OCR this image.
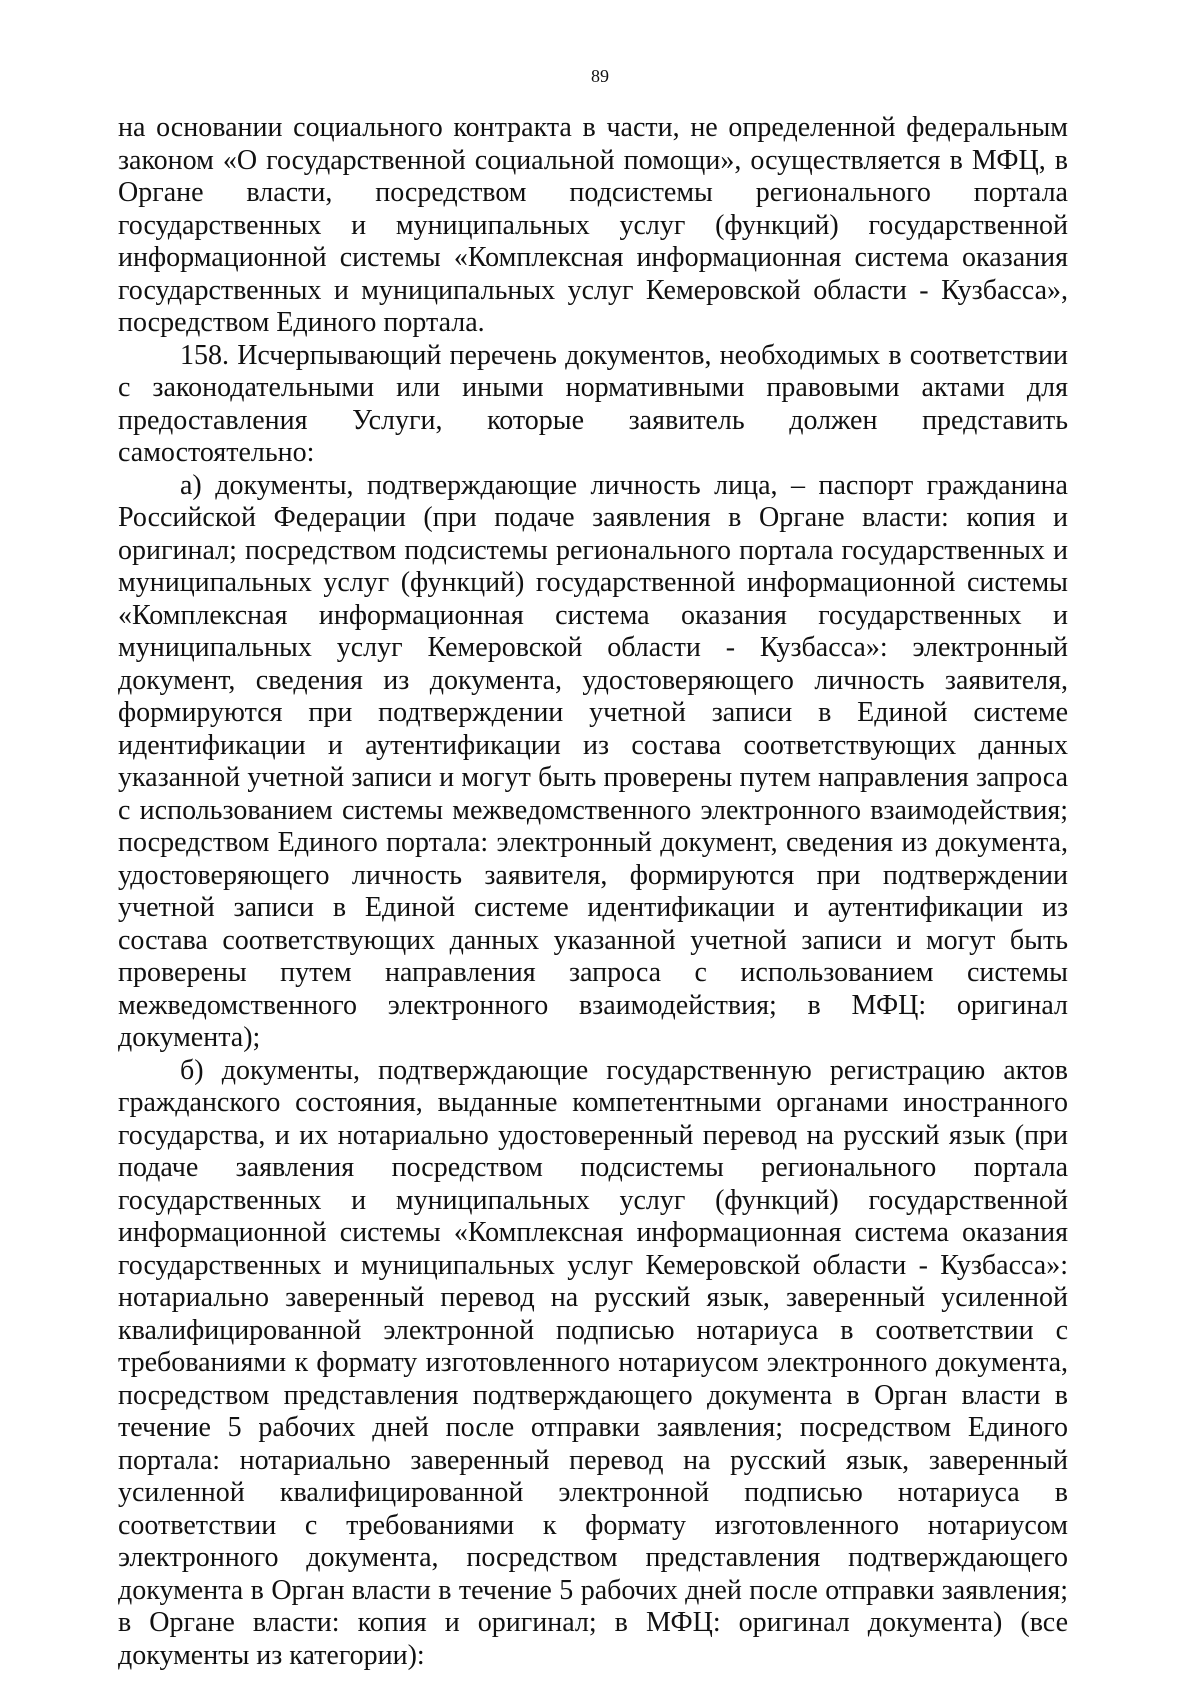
89

на основании социального контракта в части, не определенной федеральным законом «О государственной социальной помощи», осуществляется в МФЦ, в Органе власти, посредством подсистемы регионального портала государственных и муниципальных услуг (функций) государственной информационной системы «Комплексная информационная система оказания государственных и муниципальных услуг Кемеровской области - Кузбасса», посредством Единого портала.

158. Исчерпывающий перечень документов, необходимых в соответствии с законодательными или иными нормативными правовыми актами для предоставления Услуги, которые заявитель должен представить самостоятельно:

а) документы, подтверждающие личность лица, – паспорт гражданина Российской Федерации (при подаче заявления в Органе власти: копия и оригинал; посредством подсистемы регионального портала государственных и муниципальных услуг (функций) государственной информационной системы «Комплексная информационная система оказания государственных и муниципальных услуг Кемеровской области - Кузбасса»: электронный документ, сведения из документа, удостоверяющего личность заявителя, формируются при подтверждении учетной записи в Единой системе идентификации и аутентификации из состава соответствующих данных указанной учетной записи и могут быть проверены путем направления запроса с использованием системы межведомственного электронного взаимодействия; посредством Единого портала: электронный документ, сведения из документа, удостоверяющего личность заявителя, формируются при подтверждении учетной записи в Единой системе идентификации и аутентификации из состава соответствующих данных указанной учетной записи и могут быть проверены путем направления запроса с использованием системы межведомственного электронного взаимодействия; в МФЦ: оригинал документа);

б) документы, подтверждающие государственную регистрацию актов гражданского состояния, выданные компетентными органами иностранного государства, и их нотариально удостоверенный перевод на русский язык (при подаче заявления посредством подсистемы регионального портала государственных и муниципальных услуг (функций) государственной информационной системы «Комплексная информационная система оказания государственных и муниципальных услуг Кемеровской области - Кузбасса»: нотариально заверенный перевод на русский язык, заверенный усиленной квалифицированной электронной подписью нотариуса в соответствии с требованиями к формату изготовленного нотариусом электронного документа, посредством представления подтверждающего документа в Орган власти в течение 5 рабочих дней после отправки заявления; посредством Единого портала: нотариально заверенный перевод на русский язык, заверенный усиленной квалифицированной электронной подписью нотариуса в соответствии с требованиями к формату изготовленного нотариусом электронного документа, посредством представления подтверждающего документа в Орган власти в течение 5 рабочих дней после отправки заявления; в Органе власти: копия и оригинал; в МФЦ: оригинал документа) (все документы из категории):
